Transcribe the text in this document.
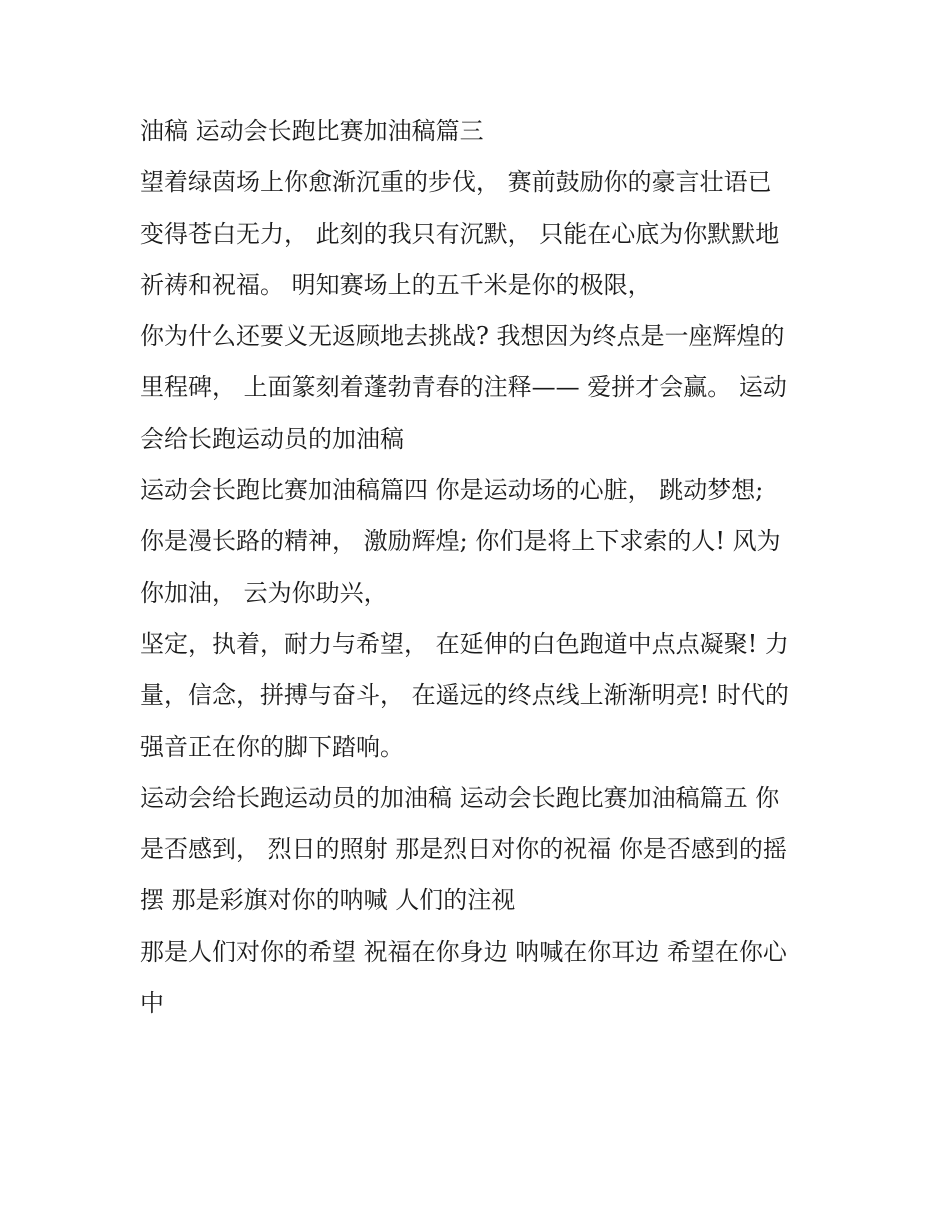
油稿 运动会长跑比赛加油稿篇三
望着绿茵场上你愈渐沉重的步伐， 赛前鼓励你的豪言壮语已
变得苍白无力， 此刻的我只有沉默， 只能在心底为你默默地
祈祷和祝福。 明知赛场上的五千米是你的极限，
你为什么还要义无返顾地去挑战? 我想因为终点是一座辉煌的
里程碑， 上面篆刻着蓬勃青春的注释—— 爱拼才会赢。 运动
会给长跑运动员的加油稿
运动会长跑比赛加油稿篇四 你是运动场的心脏， 跳动梦想;
你是漫长路的精神， 激励辉煌; 你们是将上下求索的人! 风为
你加油， 云为你助兴，
坚定，执着，耐力与希望， 在延伸的白色跑道中点点凝聚! 力
量，信念，拼搏与奋斗， 在遥远的终点线上渐渐明亮! 时代的
强音正在你的脚下踏响。
运动会给长跑运动员的加油稿 运动会长跑比赛加油稿篇五 你
是否感到， 烈日的照射 那是烈日对你的祝福 你是否感到的摇
摆 那是彩旗对你的呐喊 人们的注视
那是人们对你的希望 祝福在你身边 呐喊在你耳边 希望在你心
中
